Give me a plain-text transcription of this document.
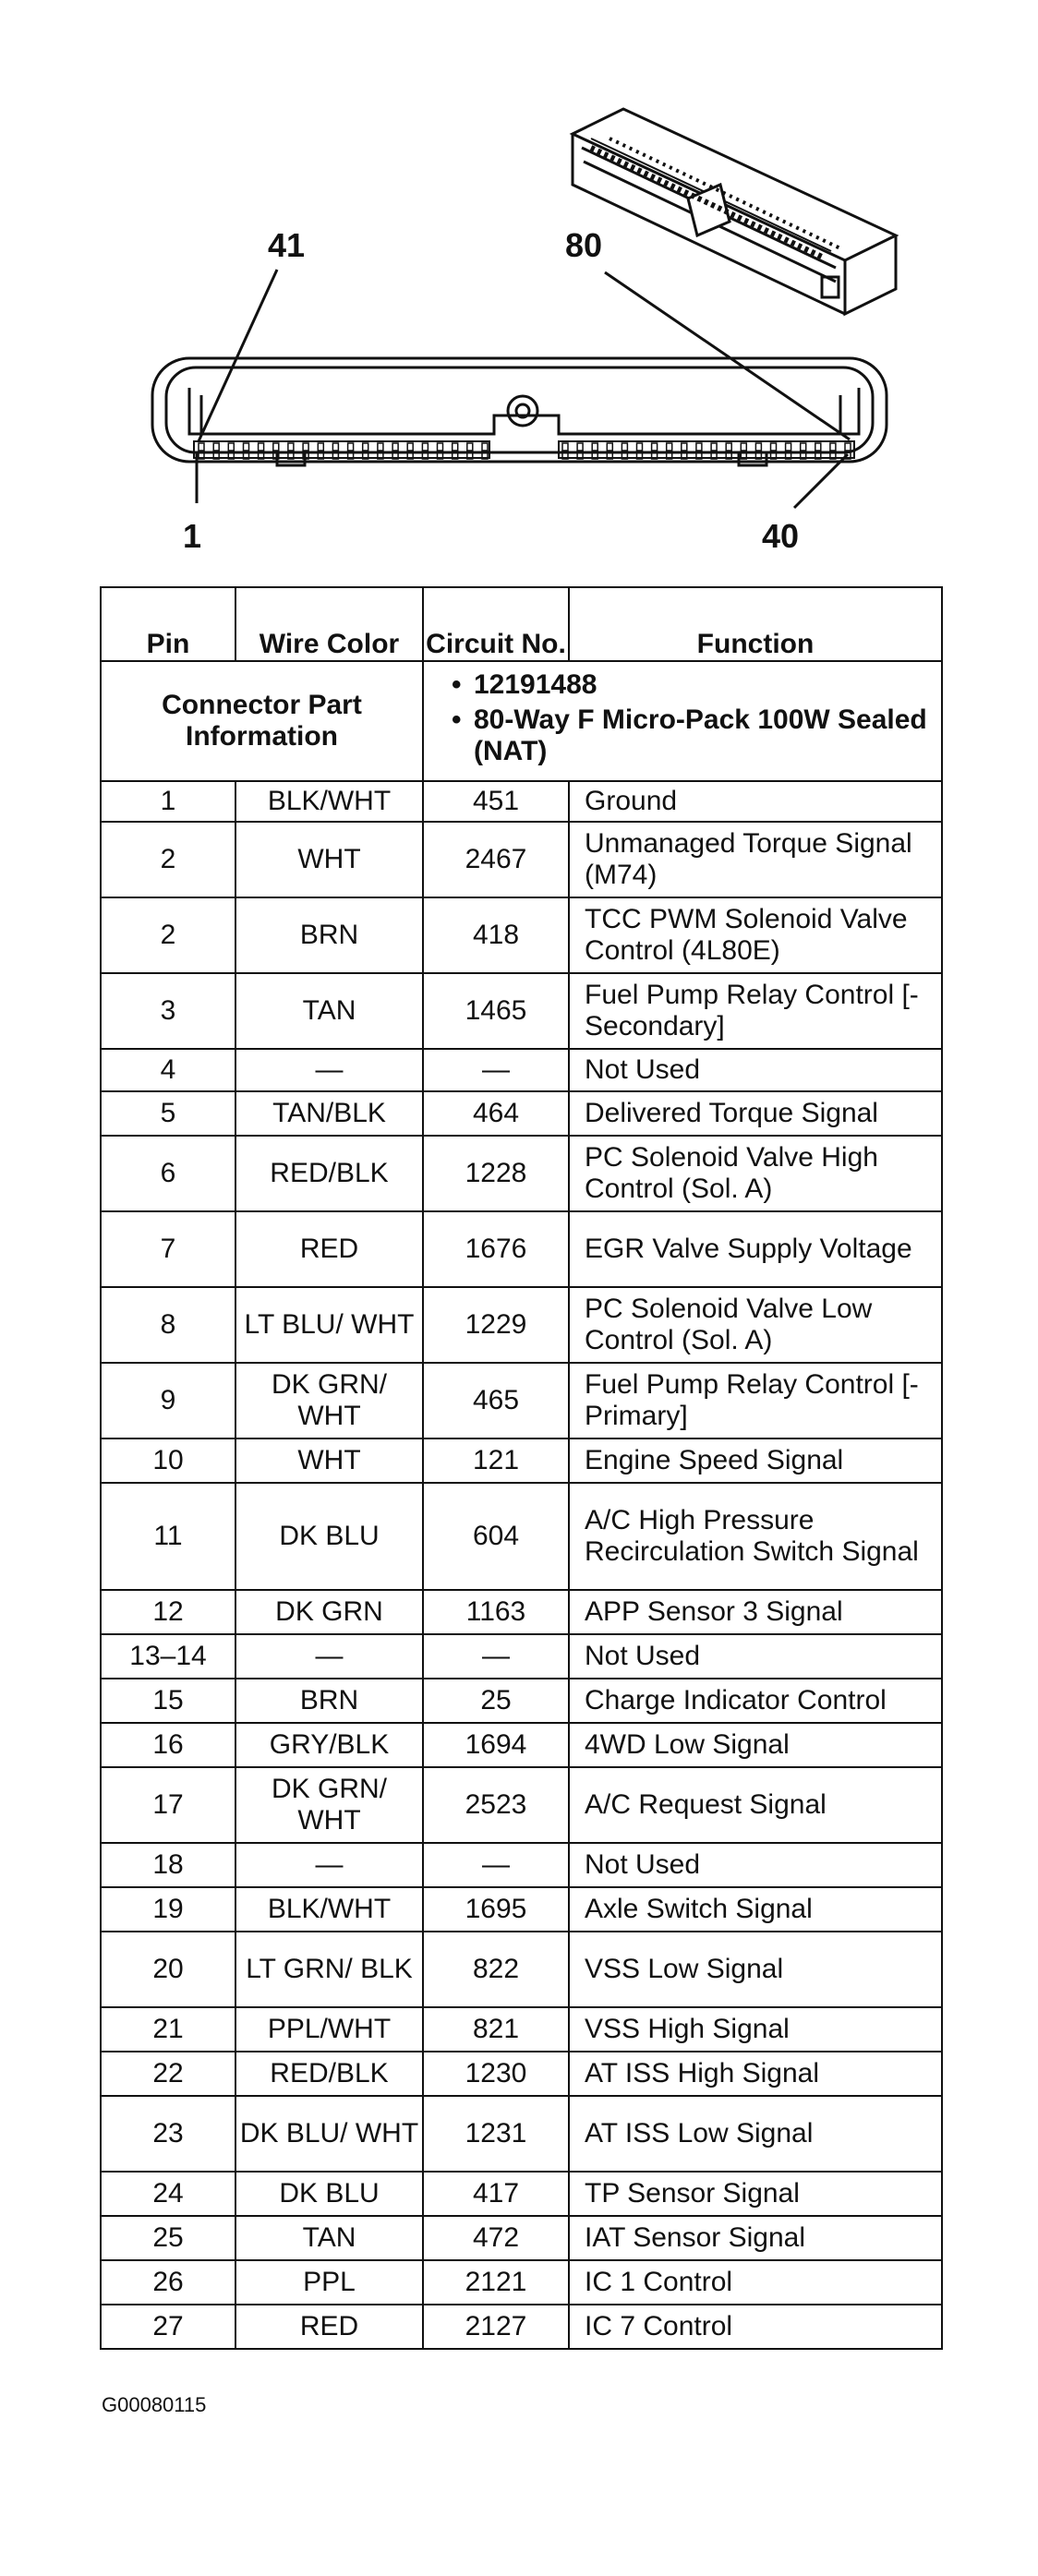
41	80
1	40
Connector Part Information		• 12191488
• 80-Way F Micro-Pack 100W Sealed (NAT)

Pin	Wire Color	Circuit No.	Function
1	BLK/WHT	451	Ground
2	WHT	2467	Unmanaged Torque Signal (M74)
2	BRN	418	TCC PWM Solenoid Valve Control (4L80E)
3	TAN	1465	Fuel Pump Relay Control [- Secondary]
4	—	—	Not Used
5	TAN/BLK	464	Delivered Torque Signal
6	RED/BLK	1228	PC Solenoid Valve High Control (Sol. A)
7	RED	1676	EGR Valve Supply Voltage
8	LT BLU/ WHT	1229	PC Solenoid Valve Low Control (Sol. A)
9	DK GRN/ WHT	465	Fuel Pump Relay Control [- Primary]
10	WHT	121	Engine Speed Signal
11	DK BLU	604	A/C High Pressure Recirculation Switch Signal
12	DK GRN	1163	APP Sensor 3 Signal
13–14	—	—	Not Used
15	BRN	25	Charge Indicator Control
16	GRY/BLK	1694	4WD Low Signal
17	DK GRN/ WHT	2523	A/C Request Signal
18	—	—	Not Used
19	BLK/WHT	1695	Axle Switch Signal
20	LT GRN/ BLK	822	VSS Low Signal
21	PPL/WHT	821	VSS High Signal
22	RED/BLK	1230	AT ISS High Signal
23	DK BLU/ WHT	1231	AT ISS Low Signal
24	DK BLU	417	TP Sensor Signal
25	TAN	472	IAT Sensor Signal
26	PPL	2121	IC 1 Control
27	RED	2127	IC 7 Control
G00080115
